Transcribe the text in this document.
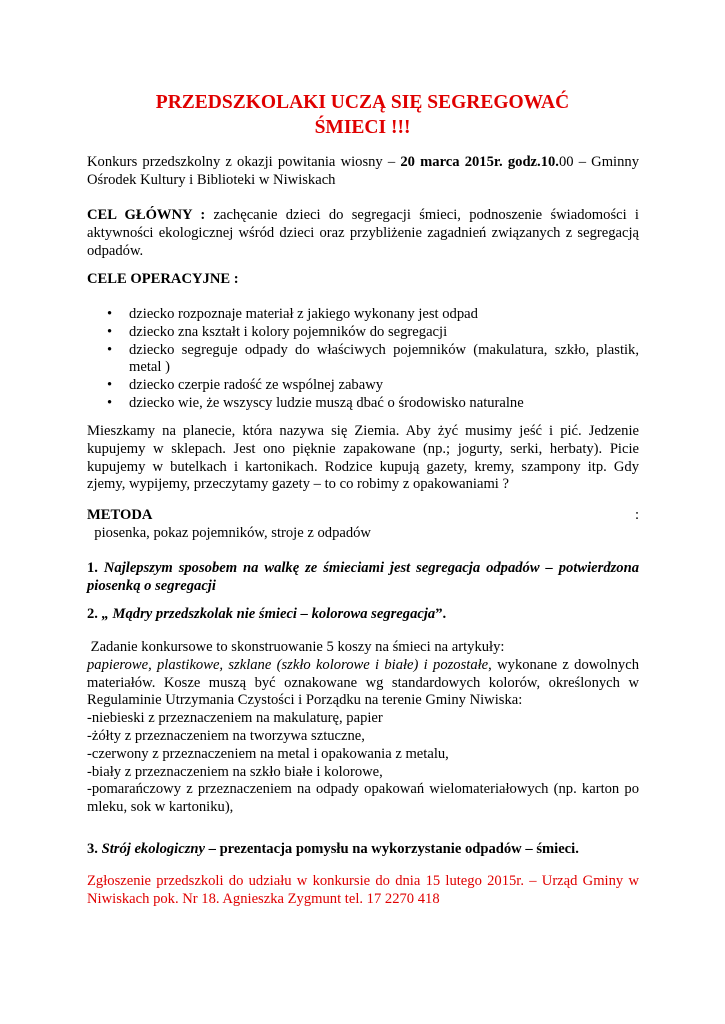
PRZEDSZKOLAKI UCZĄ SIĘ SEGREGOWAĆ
ŚMIECI !!!

Konkurs przedszkolny z okazji powitania wiosny – 20 marca 2015r. godz.10.00 – Gminny Ośrodek Kultury i Biblioteki w Niwiskach

CEL GŁÓWNY : zachęcanie dzieci do segregacji śmieci, podnoszenie świadomości i aktywności ekologicznej wśród dzieci oraz przybliżenie zagadnień związanych z segregacją odpadów.

CELE OPERACYJNE :

• dziecko rozpoznaje materiał z jakiego wykonany jest odpad
• dziecko zna kształt i kolory pojemników do segregacji
• dziecko segreguje odpady do właściwych pojemników (makulatura, szkło, plastik, metal )
• dziecko czerpie radość ze wspólnej zabawy
• dziecko wie, że wszyscy ludzie muszą dbać o środowisko naturalne

Mieszkamy na planecie, która nazywa się Ziemia. Aby żyć musimy jeść i pić. Jedzenie kupujemy w sklepach. Jest ono pięknie zapakowane (np.; jogurty, serki, herbaty). Picie kupujemy w butelkach i kartonikach. Rodzice kupują gazety, kremy, szampony itp. Gdy zjemy, wypijemy, przeczytamy gazety – to co robimy z opakowaniami ?

METODA	:

piosenka, pokaz pojemników, stroje z odpadów

1. Najlepszym sposobem na walkę ze śmieciami jest segregacja odpadów – potwierdzona piosenką o segregacji

2. „ Mądry przedszkolak nie śmieci – kolorowa segregacja”.

Zadanie konkursowe to skonstruowanie 5 koszy na śmieci na artykuły:

papierowe, plastikowe, szklane (szkło kolorowe i białe) i pozostałe, wykonane z dowolnych materiałów. Kosze muszą być oznakowane wg standardowych kolorów, określonych w Regulaminie Utrzymania Czystości i Porządku na terenie Gminy Niwiska:

-niebieski z przeznaczeniem na makulaturę, papier

-żółty z przeznaczeniem na tworzywa sztuczne,

-czerwony z przeznaczeniem na metal i opakowania z metalu,

-biały z przeznaczeniem na szkło białe i kolorowe,

-pomarańczowy z przeznaczeniem na odpady opakowań wielomateriałowych (np. karton po mleku, sok w kartoniku),

3. Strój ekologiczny – prezentacja pomysłu na wykorzystanie odpadów – śmieci.

Zgłoszenie przedszkoli do udziału w konkursie do dnia 15 lutego 2015r. – Urząd Gminy w Niwiskach pok. Nr 18. Agnieszka Zygmunt tel. 17 2270 418
